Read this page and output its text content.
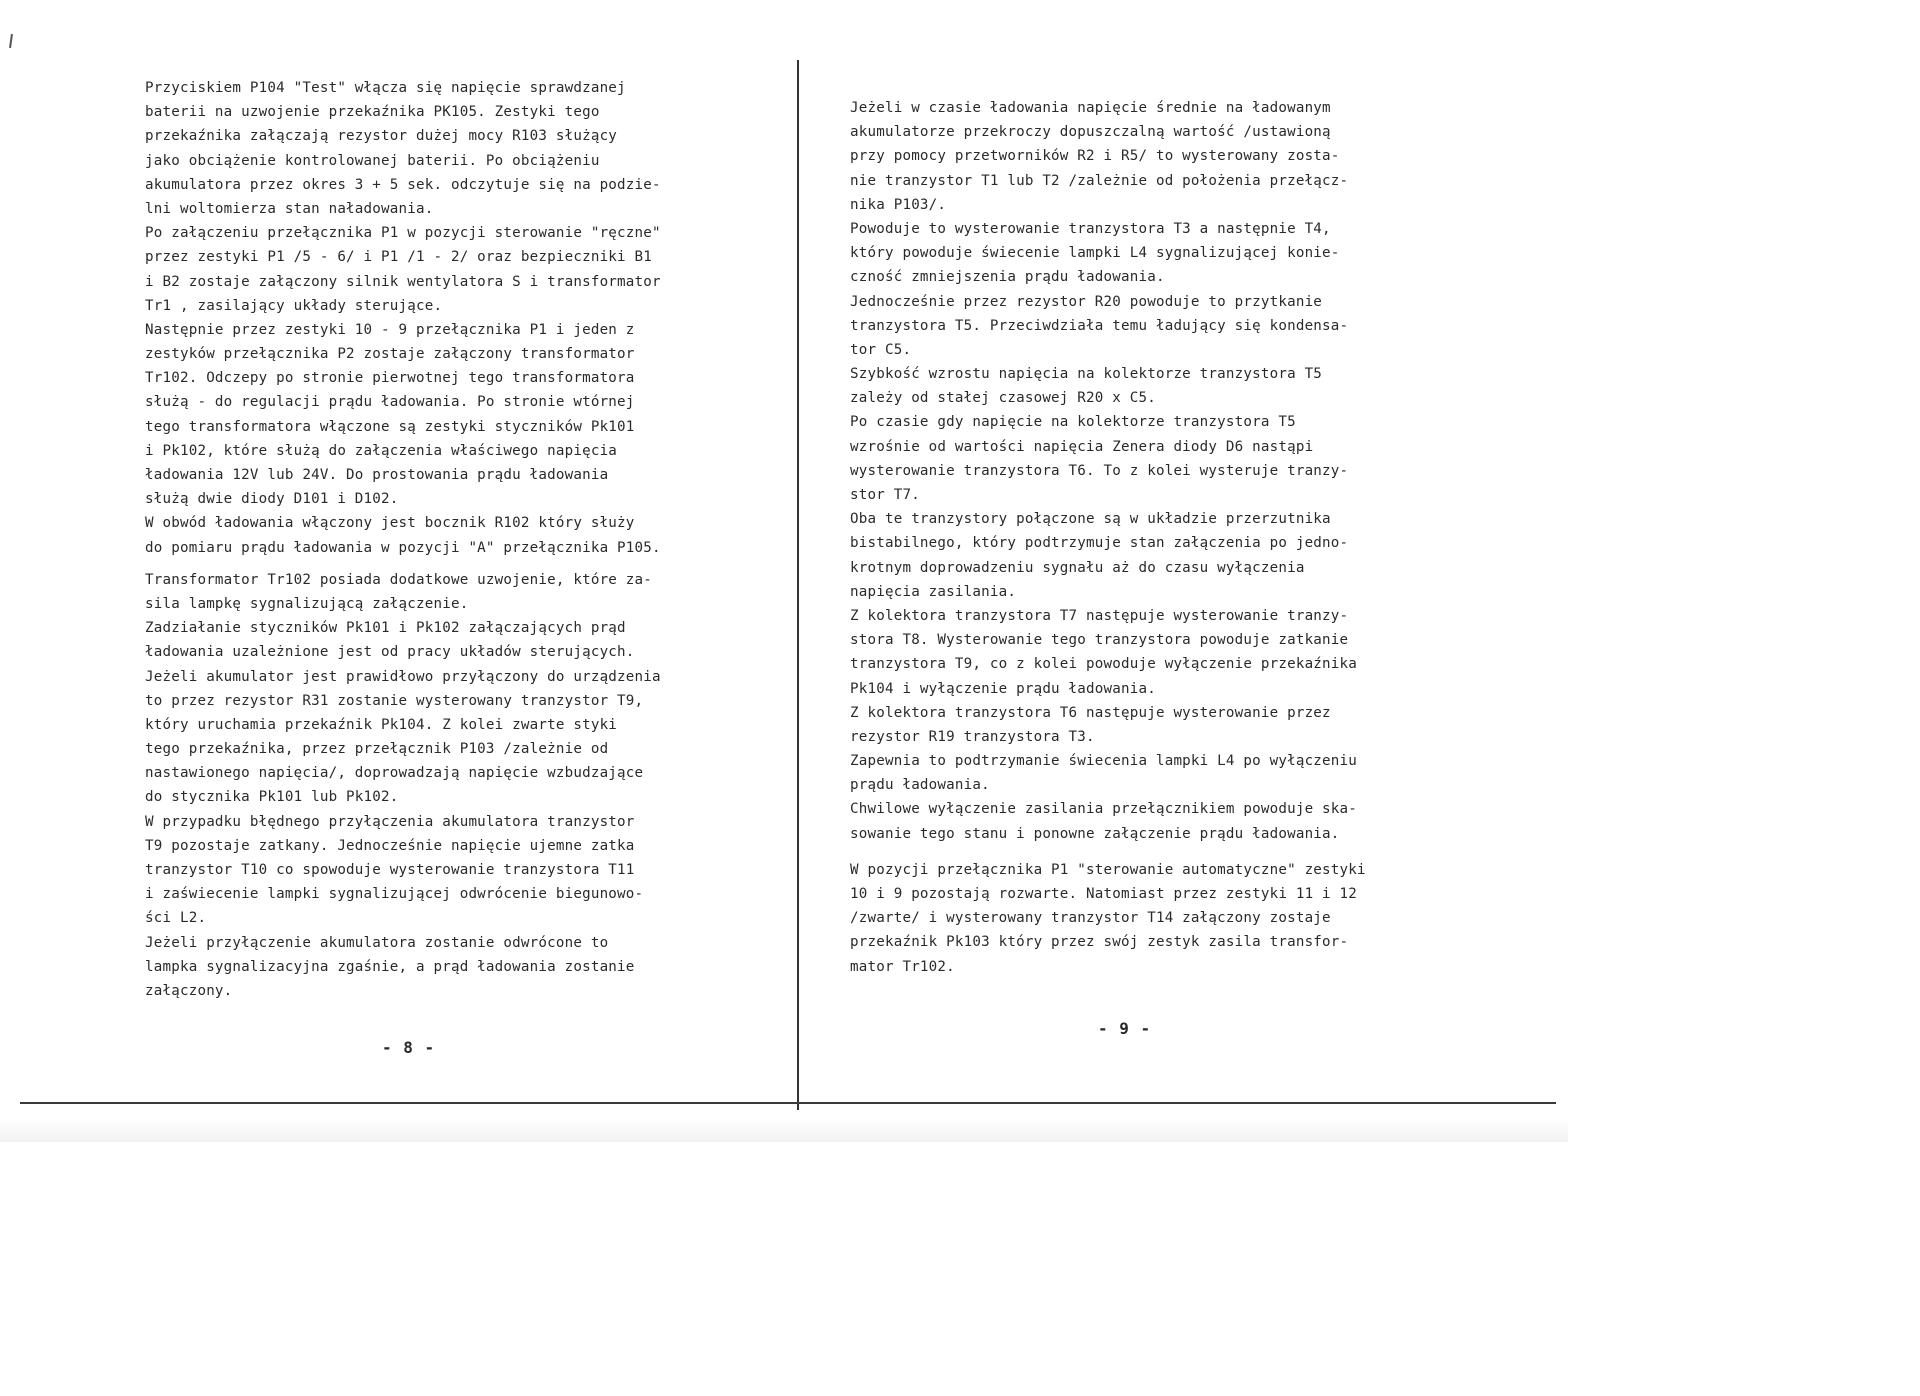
Przyciskiem P104 "Test" włącza się napięcie sprawdzanej
baterii na uzwojenie przekaźnika PK105. Zestyki tego
przekaźnika załączają rezystor dużej mocy R103 służący
jako obciążenie kontrolowanej baterii. Po obciążeniu
akumulatora przez okres 3 + 5 sek. odczytuje się na podzie-
lni woltomierza stan naładowania.
Po załączeniu przełącznika P1 w pozycji sterowanie "ręczne"
przez zestyki P1 /5 - 6/ i P1 /1 - 2/ oraz bezpieczniki B1
i B2 zostaje załączony silnik wentylatora S i transformator
Tr1 , zasilający układy sterujące.
Następnie przez zestyki 10 - 9 przełącznika P1 i jeden z
zestyków przełącznika P2 zostaje załączony transformator
Tr102. Odczepy po stronie pierwotnej tego transformatora
służą - do regulacji prądu ładowania. Po stronie wtórnej
tego transformatora włączone są zestyki styczników Pk101
i Pk102, które służą do załączenia właściwego napięcia
ładowania 12V lub 24V. Do prostowania prądu ładowania
służą dwie diody D101 i D102.
W obwód ładowania włączony jest bocznik R102 który służy
do pomiaru prądu ładowania w pozycji "A" przełącznika P105.
Transformator Tr102 posiada dodatkowe uzwojenie, które za-
sila lampkę sygnalizującą załączenie.
Zadziałanie styczników Pk101 i Pk102 załączających prąd
ładowania uzależnione jest od pracy układów sterujących.
Jeżeli akumulator jest prawidłowo przyłączony do urządzenia
to przez rezystor R31 zostanie wysterowany tranzystor T9,
który uruchamia przekaźnik Pk104. Z kolei zwarte styki
tego przekaźnika, przez przełącznik P103 /zależnie od
nastawionego napięcia/, doprowadzają napięcie wzbudzające
do stycznika Pk101 lub Pk102.
W przypadku błędnego przyłączenia akumulatora tranzystor
T9 pozostaje zatkany. Jednocześnie napięcie ujemne zatka
tranzystor T10 co spowoduje wysterowanie tranzystora T11
i zaświecenie lampki sygnalizującej odwrócenie biegunowo-
ści L2.
Jeżeli przyłączenie akumulatora zostanie odwrócone to
lampka sygnalizacyjna zgaśnie, a prąd ładowania zostanie
załączony.
- 8 -
Jeżeli w czasie ładowania napięcie średnie na ładowanym
akumulatorze przekroczy dopuszczalną wartość /ustawioną
przy pomocy przetworników R2 i R5/ to wysterowany zosta-
nie tranzystor T1 lub T2 /zależnie od położenia przełącz-
nika P103/.
Powoduje to wysterowanie tranzystora T3 a następnie T4,
który powoduje świecenie lampki L4 sygnalizującej konie-
czność zmniejszenia prądu ładowania.
Jednocześnie przez rezystor R20 powoduje to przytkanie
tranzystora T5. Przeciwdziała temu ładujący się kondensa-
tor C5.
Szybkość wzrostu napięcia na kolektorze tranzystora T5
zależy od stałej czasowej R20 x C5.
Po czasie gdy napięcie na kolektorze tranzystora T5
wzrośnie od wartości napięcia Zenera diody D6 nastąpi
wysterowanie tranzystora T6. To z kolei wysteruje tranzy-
stor T7.
Oba te tranzystory połączone są w układzie przerzutnika
bistabilnego, który podtrzymuje stan załączenia po jedno-
krotnym doprowadzeniu sygnału aż do czasu wyłączenia
napięcia zasilania.
Z kolektora tranzystora T7 następuje wysterowanie tranzy-
stora T8. Wysterowanie tego tranzystora powoduje zatkanie
tranzystora T9, co z kolei powoduje wyłączenie przekaźnika
Pk104 i wyłączenie prądu ładowania.
Z kolektora tranzystora T6 następuje wysterowanie przez
rezystor R19 tranzystora T3.
Zapewnia to podtrzymanie świecenia lampki L4 po wyłączeniu
prądu ładowania.
Chwilowe wyłączenie zasilania przełącznikiem powoduje ska-
sowanie tego stanu i ponowne załączenie prądu ładowania.
W pozycji przełącznika P1 "sterowanie automatyczne" zestyki
10 i 9 pozostają rozwarte. Natomiast przez zestyki 11 i 12
/zwarte/ i wysterowany tranzystor T14 załączony zostaje
przekaźnik Pk103 który przez swój zestyk zasila transfor-
mator Tr102.
- 9 -
